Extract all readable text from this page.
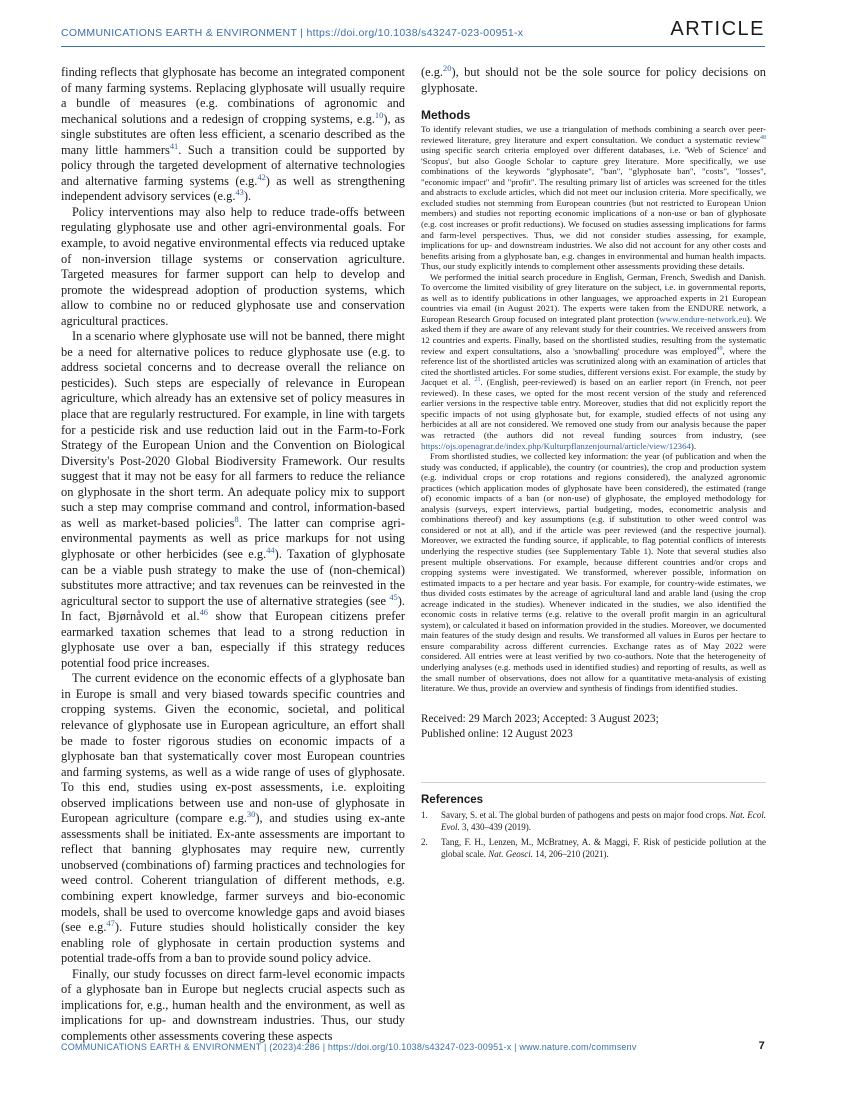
COMMUNICATIONS EARTH & ENVIRONMENT | https://doi.org/10.1038/s43247-023-00951-x	ARTICLE

finding reflects that glyphosate has become an integrated component of many farming systems. Replacing glyphosate will usually require a bundle of measures (e.g. combinations of agronomic and mechanical solutions and a redesign of cropping systems, e.g.$^{10}$), as single substitutes are often less efficient, a scenario described as the many little hammers$^{41}$. Such a transition could be supported by policy through the targeted development of alternative technologies and alternative farming systems (e.g.$^{42}$) as well as strengthening independent advisory services (e.g.$^{43}$).

Policy interventions may also help to reduce trade-offs between regulating glyphosate use and other agri-environmental goals. For example, to avoid negative environmental effects via reduced uptake of non-inversion tillage systems or conservation agriculture. Targeted measures for farmer support can help to develop and promote the widespread adoption of production systems, which allow to combine no or reduced glyphosate use and conservation agricultural practices.

In a scenario where glyphosate use will not be banned, there might be a need for alternative polices to reduce glyphosate use (e.g. to address societal concerns and to decrease overall the reliance on pesticides). Such steps are especially of relevance in European agriculture, which already has an extensive set of policy measures in place that are regularly restructured. For example, in line with targets for a pesticide risk and use reduction laid out in the Farm-to-Fork Strategy of the European Union and the Convention on Biological Diversity's Post-2020 Global Biodiversity Framework. Our results suggest that it may not be easy for all farmers to reduce the reliance on glyphosate in the short term. An adequate policy mix to support such a step may comprise command and control, information-based as well as market-based policies$^8$. The latter can comprise agri-environmental payments as well as price markups for not using glyphosate or other herbicides (see e.g.$^{44}$). Taxation of glyphosate can be a viable push strategy to make the use of (non-chemical) substitutes more attractive; and tax revenues can be reinvested in the agricultural sector to support the use of alternative strategies (see $^{45}$). In fact, Bjørnåvold et al.$^{46}$ show that European citizens prefer earmarked taxation schemes that lead to a strong reduction in glyphosate use over a ban, especially if this strategy reduces potential food price increases.

The current evidence on the economic effects of a glyphosate ban in Europe is small and very biased towards specific countries and cropping systems. Given the economic, societal, and political relevance of glyphosate use in European agriculture, an effort shall be made to foster rigorous studies on economic impacts of a glyphosate ban that systematically cover most European countries and farming systems, as well as a wide range of uses of glyphosate. To this end, studies using ex-post assessments, i.e. exploiting observed implications between use and non-use of glyphosate in European agriculture (compare e.g.$^{30}$), and studies using ex-ante assessments shall be initiated. Ex-ante assessments are important to reflect that banning glyphosates may require new, currently unobserved (combinations of) farming practices and technologies for weed control. Coherent triangulation of different methods, e.g. combining expert knowledge, farmer surveys and bio-economic models, shall be used to overcome knowledge gaps and avoid biases (see e.g.$^{47}$). Future studies should holistically consider the key enabling role of glyphosate in certain production systems and potential trade-offs from a ban to provide sound policy advice.

Finally, our study focusses on direct farm-level economic impacts of a glyphosate ban in Europe but neglects crucial aspects such as implications for, e.g., human health and the environment, as well as implications for up- and downstream industries. Thus, our study complements other assessments covering these aspects

(e.g.$^{20}$), but should not be the sole source for policy decisions on glyphosate.

Methods

To identify relevant studies, we use a triangulation of methods combining a search over peer-reviewed literature, grey literature and expert consultation. We conduct a systematic review$^{48}$ using specific search criteria employed over different databases, i.e. 'Web of Science' and 'Scopus', but also Google Scholar to capture grey literature. More specifically, we use combinations of the keywords "glyphosate", "ban", "glyphosate ban", "costs", "losses", "economic impact" and "profit". The resulting primary list of articles was screened for the titles and abstracts to exclude articles, which did not meet our inclusion criteria. More specifically, we excluded studies not stemming from European countries (but not restricted to European Union members) and studies not reporting economic implications of a non-use or ban of glyphosate (e.g. cost increases or profit reductions). We focused on studies assessing implications for farms and farm-level perspectives. Thus, we did not consider studies assessing, for example, implications for up- and downstream industries. We also did not account for any other costs and benefits arising from a glyphosate ban, e.g. changes in environmental and human health impacts. Thus, our study explicitly intends to complement other assessments providing these details.

We performed the initial search procedure in English, German, French, Swedish and Danish. To overcome the limited visibility of grey literature on the subject, i.e. in governmental reports, as well as to identify publications in other languages, we approached experts in 21 European countries via email (in August 2021). The experts were taken from the ENDURE network, a European Research Group focused on integrated plant protection (www.endure-network.eu). We asked them if they are aware of any relevant study for their countries. We received answers from 12 countries and experts. Finally, based on the shortlisted studies, resulting from the systematic review and expert consultations, also a 'snowballing' procedure was employed$^{49}$, where the reference list of the shortlisted articles was scrutinized along with an examination of articles that cited the shortlisted articles. For some studies, different versions exist. For example, the study by Jacquet et al. $^{21}$. (English, peer-reviewed) is based on an earlier report (in French, not peer reviewed). In these cases, we opted for the most recent version of the study and referenced earlier versions in the respective table entry. Moreover, studies that did not explicitly report the specific impacts of not using glyphosate but, for example, studied effects of not using any herbicides at all are not considered. We removed one study from our analysis because the paper was retracted (the authors did not reveal funding sources from industry, (see https://ojs.openagrar.de/index.php/Kulturpflanzenjournal/article/view/12364).

From shortlisted studies, we collected key information: the year (of publication and when the study was conducted, if applicable), the country (or countries), the crop and production system (e.g. individual crops or crop rotations and regions considered), the analyzed agronomic practices (which application modes of glyphosate have been considered), the estimated (range of) economic impacts of a ban (or non-use) of glyphosate, the employed methodology for analysis (surveys, expert interviews, partial budgeting, modes, econometric analysis and combinations thereof) and key assumptions (e.g. if substitution to other weed control was considered or not at all), and if the article was peer reviewed (and the respective journal). Moreover, we extracted the funding source, if applicable, to flag potential conflicts of interests underlying the respective studies (see Supplementary Table 1). Note that several studies also present multiple observations. For example, because different countries and/or crops and cropping systems were investigated. We transformed, wherever possible, information on estimated impacts to a per hectare and year basis. For example, for country-wide estimates, we thus divided costs estimates by the acreage of agricultural land and arable land (using the crop acreage indicated in the studies). Whenever indicated in the studies, we also identified the economic costs in relative terms (e.g. relative to the overall profit margin in an agricultural system), or calculated it based on information provided in the studies. Moreover, we documented main features of the study design and results. We transformed all values in Euros per hectare to ensure comparability across different currencies. Exchange rates as of May 2022 were considered. All entries were at least verified by two co-authors. Note that the heterogeneity of underlying analyses (e.g. methods used in identified studies) and reporting of results, as well as the small number of observations, does not allow for a quantitative meta-analysis of existing literature. We thus, provide an overview and synthesis of findings from identified studies.

Received: 29 March 2023; Accepted: 3 August 2023;
Published online: 12 August 2023
References
1. Savary, S. et al. The global burden of pathogens and pests on major food crops. Nat. Ecol. Evol. 3, 430–439 (2019).
2. Tang, F. H., Lenzen, M., McBratney, A. & Maggi, F. Risk of pesticide pollution at the global scale. Nat. Geosci. 14, 206–210 (2021).
COMMUNICATIONS EARTH & ENVIRONMENT | (2023)4:286 | https://doi.org/10.1038/s43247-023-00951-x | www.nature.com/commsenv	7
